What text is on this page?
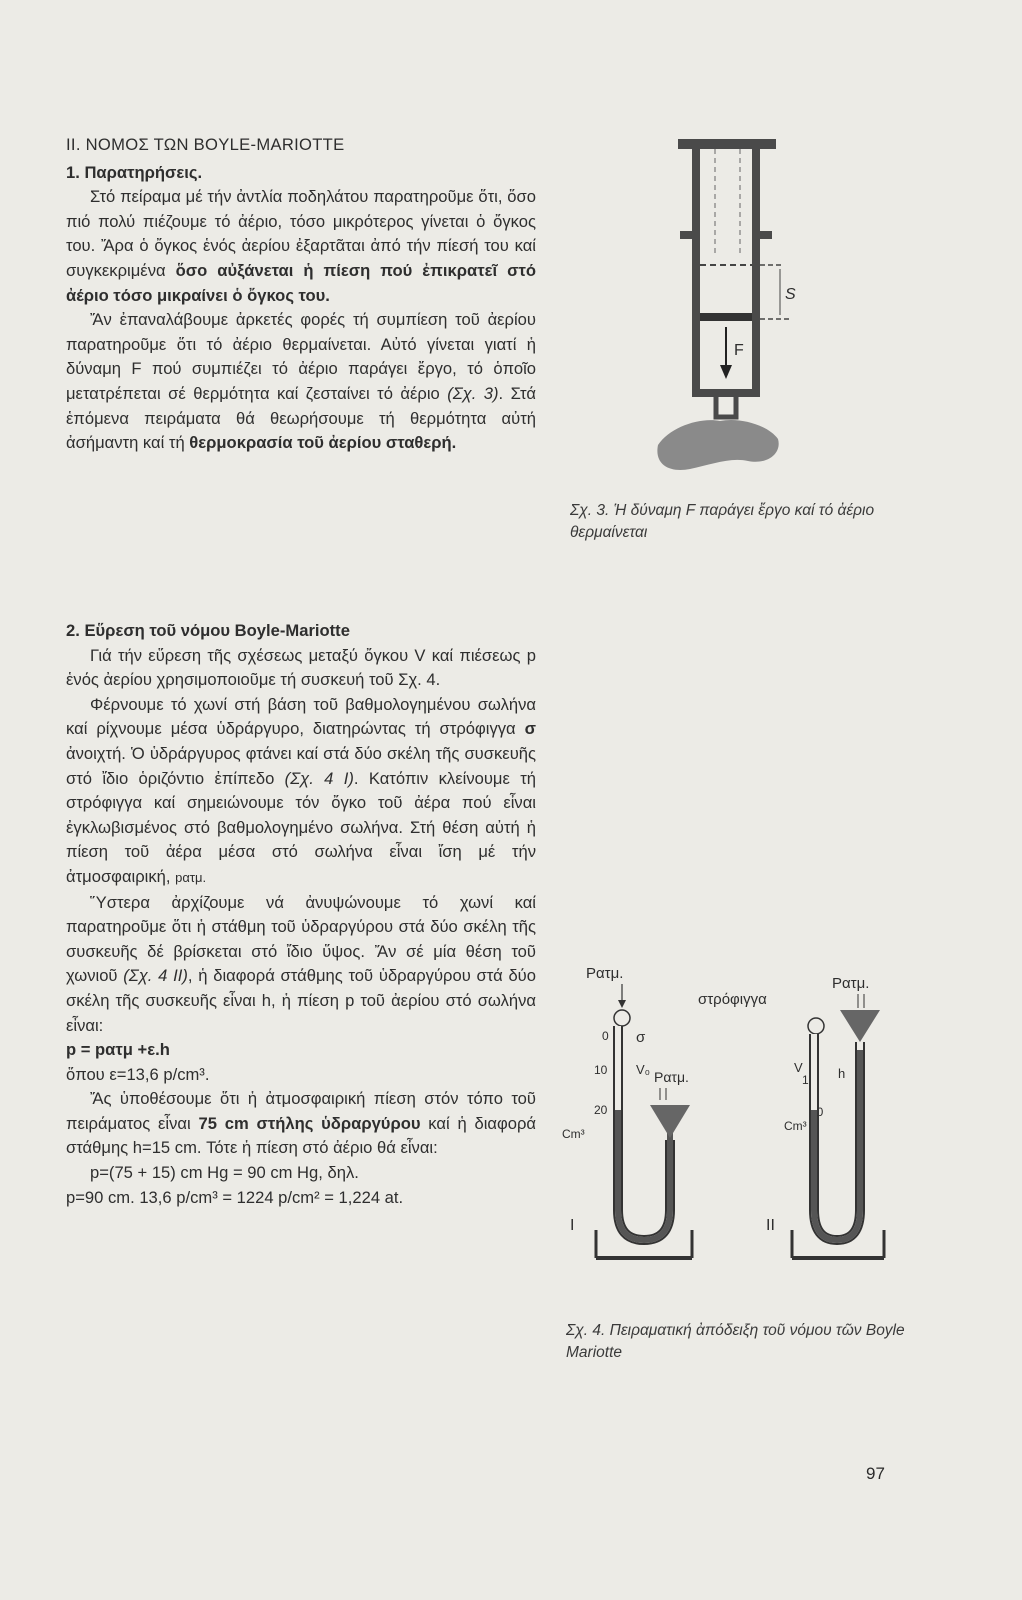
II. ΝΟΜΟΣ ΤΩΝ BOYLE-MARIOTTE

1. Παρατηρήσεις.

Στό πείραμα μέ τήν ἀντλία ποδηλάτου παρατηροῦμε ὅτι, ὅσο πιό πολύ πιέζουμε τό ἀέριο, τόσο μικρότερος γίνεται ὁ ὄγκος του. Ἄρα ὁ ὄγκος ἑνός ἀερίου ἐξαρτᾶται ἀπό τήν πίεσή του καί συγκεκριμένα ὅσο αὐξάνεται ἡ πίεση πού ἐπικρατεῖ στό ἀέριο τόσο μικραίνει ὁ ὄγκος του.

Ἄν ἐπαναλάβουμε ἀρκετές φορές τή συμπίεση τοῦ ἀερίου παρατηροῦμε ὅτι τό ἀέριο θερμαίνεται. Αὐτό γίνεται γιατί ἡ δύναμη F πού συμπιέζει τό ἀέριο παράγει ἔργο, τό ὁποῖο μετατρέπεται σέ θερμότητα καί ζεσταίνει τό ἀέριο (Σχ. 3). Στά ἑπόμενα πειράματα θά θεωρήσουμε τή θερμότητα αὐτή ἀσήμαντη καί τή θερμοκρασία τοῦ ἀερίου σταθερή.

2. Εὕρεση τοῦ νόμου Boyle-Mariotte

Γιά τήν εὕρεση τῆς σχέσεως μεταξύ ὄγκου V καί πιέσεως p ἑνός ἀερίου χρησιμοποιοῦμε τή συσκευή τοῦ Σχ. 4.

Φέρνουμε τό χωνί στή βάση τοῦ βαθμολογημένου σωλήνα καί ρίχνουμε μέσα ὑδράργυρο, διατηρώντας τή στρόφιγγα σ ἀνοιχτή. Ὁ ὑδράργυρος φτάνει καί στά δύο σκέλη τῆς συσκευῆς στό ἴδιο ὁριζόντιο ἐπίπεδο (Σχ. 4 I). Κατόπιν κλείνουμε τή στρόφιγγα καί σημειώνουμε τόν ὄγκο τοῦ ἀέρα πού εἶναι ἐγκλωβισμένος στό βαθμολογημένο σωλήνα. Στή θέση αὐτή ἡ πίεση τοῦ ἀέρα μέσα στό σωλήνα εἶναι ἴση μέ τήν ἀτμοσφαιρική, pατμ.

Ὕστερα ἀρχίζουμε νά ἀνυψώνουμε τό χωνί καί παρατηροῦμε ὅτι ἡ στάθμη τοῦ ὑδραργύρου στά δύο σκέλη τῆς συσκευῆς δέ βρίσκεται στό ἴδιο ὕψος. Ἄν σέ μία θέση τοῦ χωνιοῦ (Σχ. 4 II), ἡ διαφορά στάθμης τοῦ ὑδραργύρου στά δύο σκέλη τῆς συσκευῆς εἶναι h, ἡ πίεση p τοῦ ἀερίου στό σωλήνα εἶναι:

p = pατμ +ε.h

ὅπου ε=13,6 p/cm³.

Ἄς ὑποθέσουμε ὅτι ἡ ἀτμοσφαιρική πίεση στόν τόπο τοῦ πειράματος εἶναι 75 cm στήλης ὑδραργύρου καί ἡ διαφορά στάθμης h=15 cm. Τότε ἡ πίεση στό ἀέριο θά εἶναι:

p=(75 + 15) cm Hg = 90 cm Hg, δηλ.

p=90 cm. 13,6 p/cm³ = 1224 p/cm² = 1,224 at.

S
F
Σχ. 3. Ἡ δύναμη F παράγει ἔργο καί τό ἀέριο θερμαίνεται
Ρατμ.
σ
0
10 V₀ Ρατμ.
20
Cm³
I
στρόφιγγα
Ρατμ.
V
10 h
20
Cm³
II
Σχ. 4. Πειραματική ἀπόδειξη τοῦ νόμου τῶν Boyle Mariotte
97
